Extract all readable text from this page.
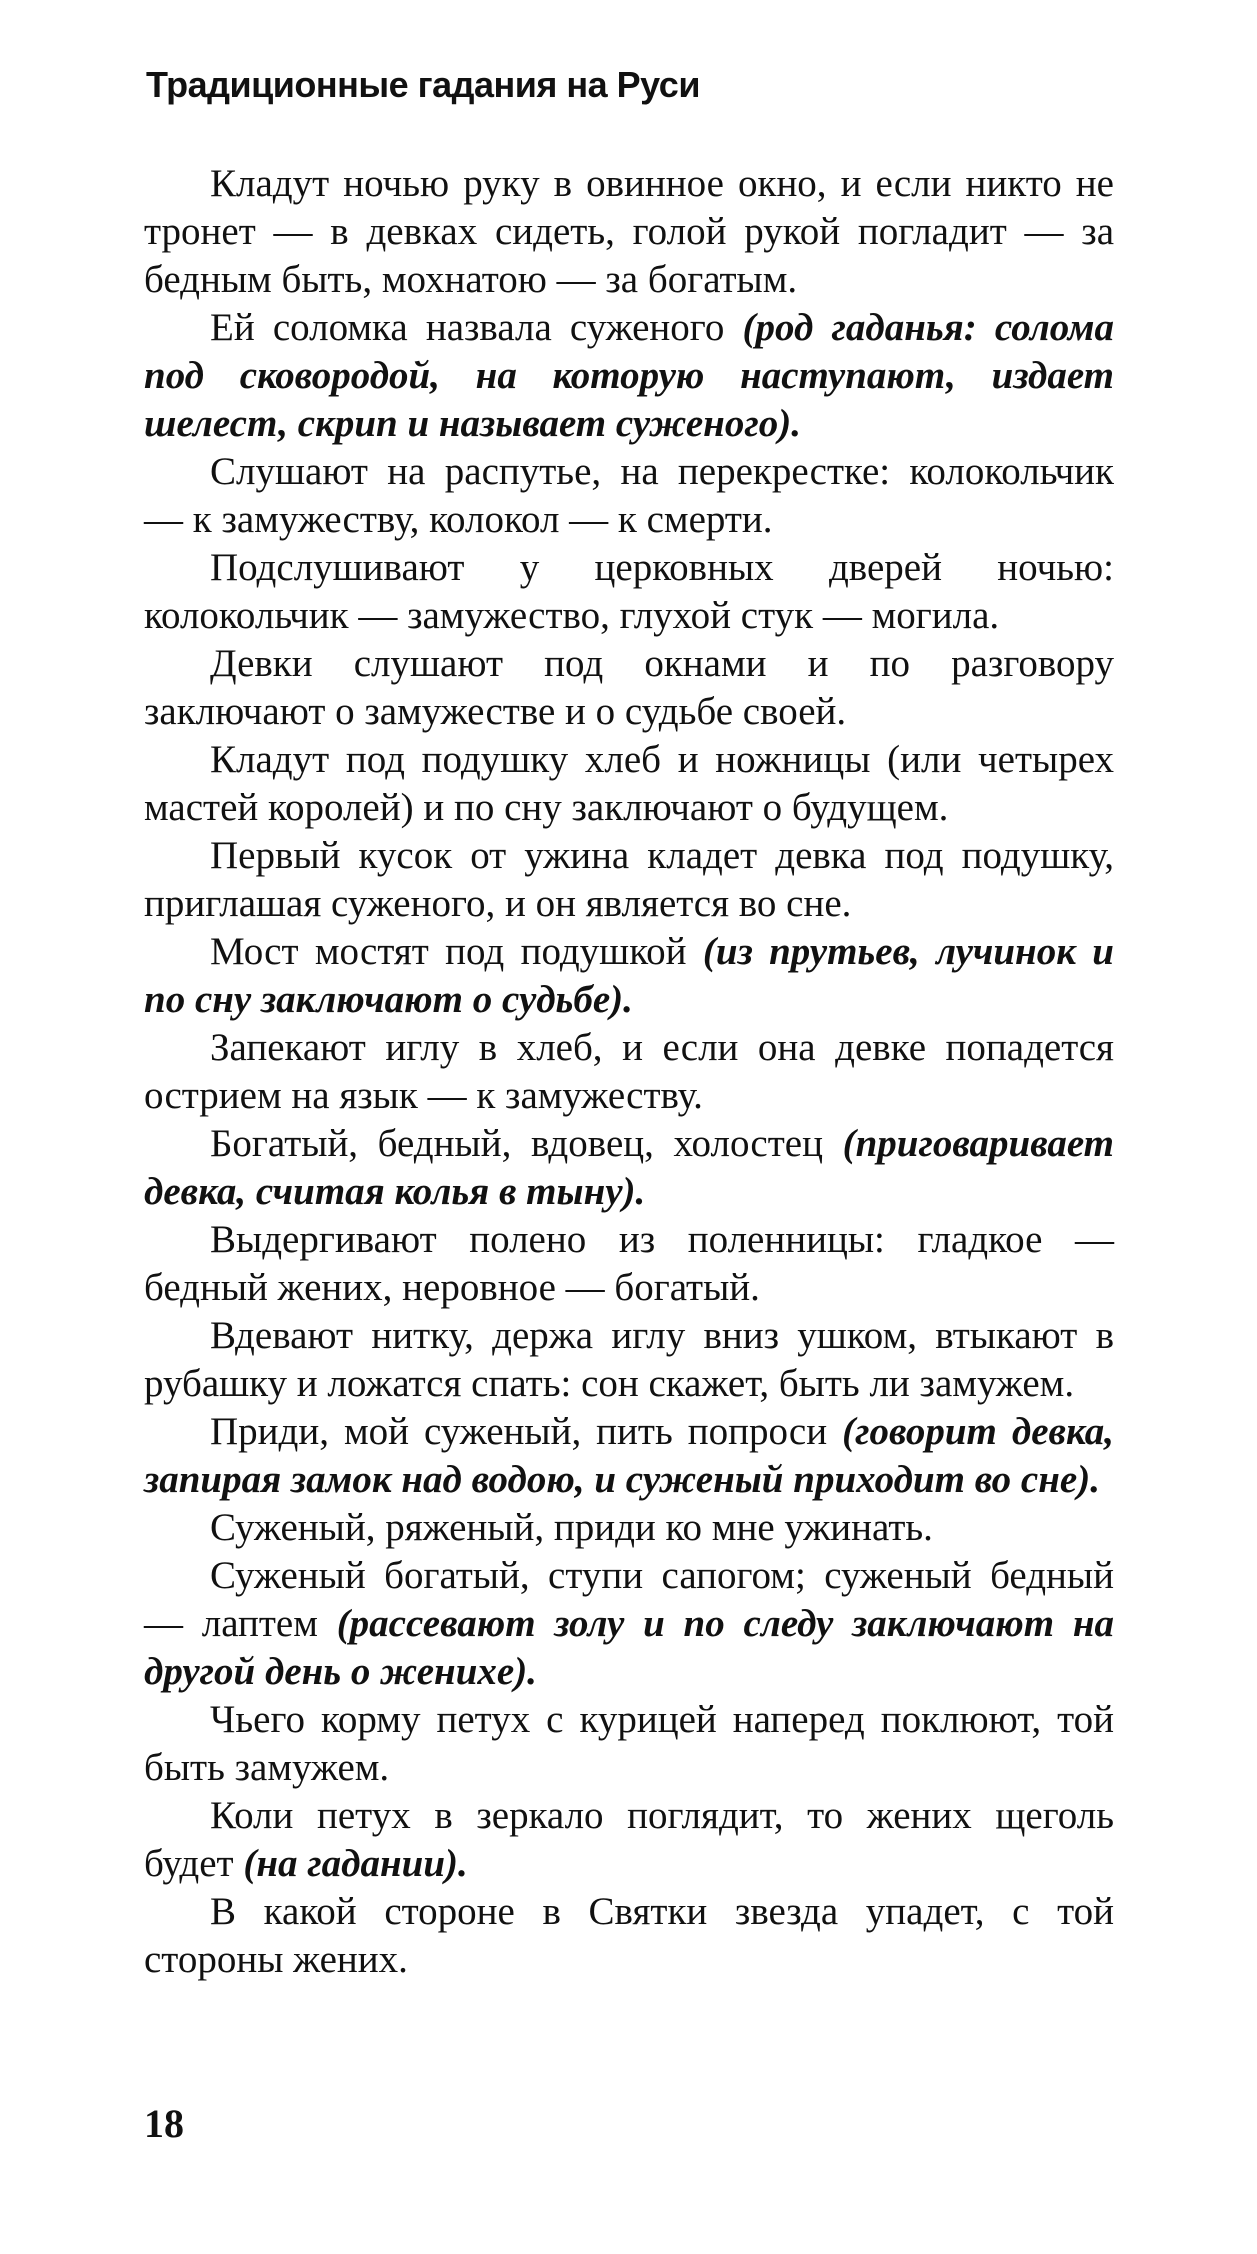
Традиционные гадания на Руси

Кладут ночью руку в овинное окно, и если никто не тронет — в девках сидеть, голой рукой погладит — за бедным быть, мохнатою — за богатым.

Ей соломка назвала суженого (род гаданья: солома под сковородой, на которую наступают, издает шелест, скрип и называет суженого).

Слушают на распутье, на перекрестке: колокольчик — к замужеству, колокол — к смерти.

Подслушивают у церковных дверей ночью: колокольчик — замужество, глухой стук — могила.

Девки слушают под окнами и по разговору заключают о замужестве и о судьбе своей.

Кладут под подушку хлеб и ножницы (или четырех мастей королей) и по сну заключают о будущем.

Первый кусок от ужина кладет девка под подушку, приглашая суженого, и он является во сне.

Мост мостят под подушкой (из прутьев, лучинок и по сну заключают о судьбе).

Запекают иглу в хлеб, и если она девке попадется острием на язык — к замужеству.

Богатый, бедный, вдовец, холостец (приговаривает девка, считая колья в тыну).

Выдергивают полено из поленницы: гладкое — бедный жених, неровное — богатый.

Вдевают нитку, держа иглу вниз ушком, втыкают в рубашку и ложатся спать: сон скажет, быть ли замужем.

Приди, мой суженый, пить попроси (говорит девка, запирая замок над водою, и суженый приходит во сне).

Суженый, ряженый, приди ко мне ужинать.

Суженый богатый, ступи сапогом; суженый бедный — лаптем (рассевают золу и по следу заключают на другой день о женихе).

Чьего корму петух с курицей наперед поклюют, той быть замужем.

Коли петух в зеркало поглядит, то жених щеголь будет (на гадании).

В какой стороне в Святки звезда упадет, с той стороны жених.

18
